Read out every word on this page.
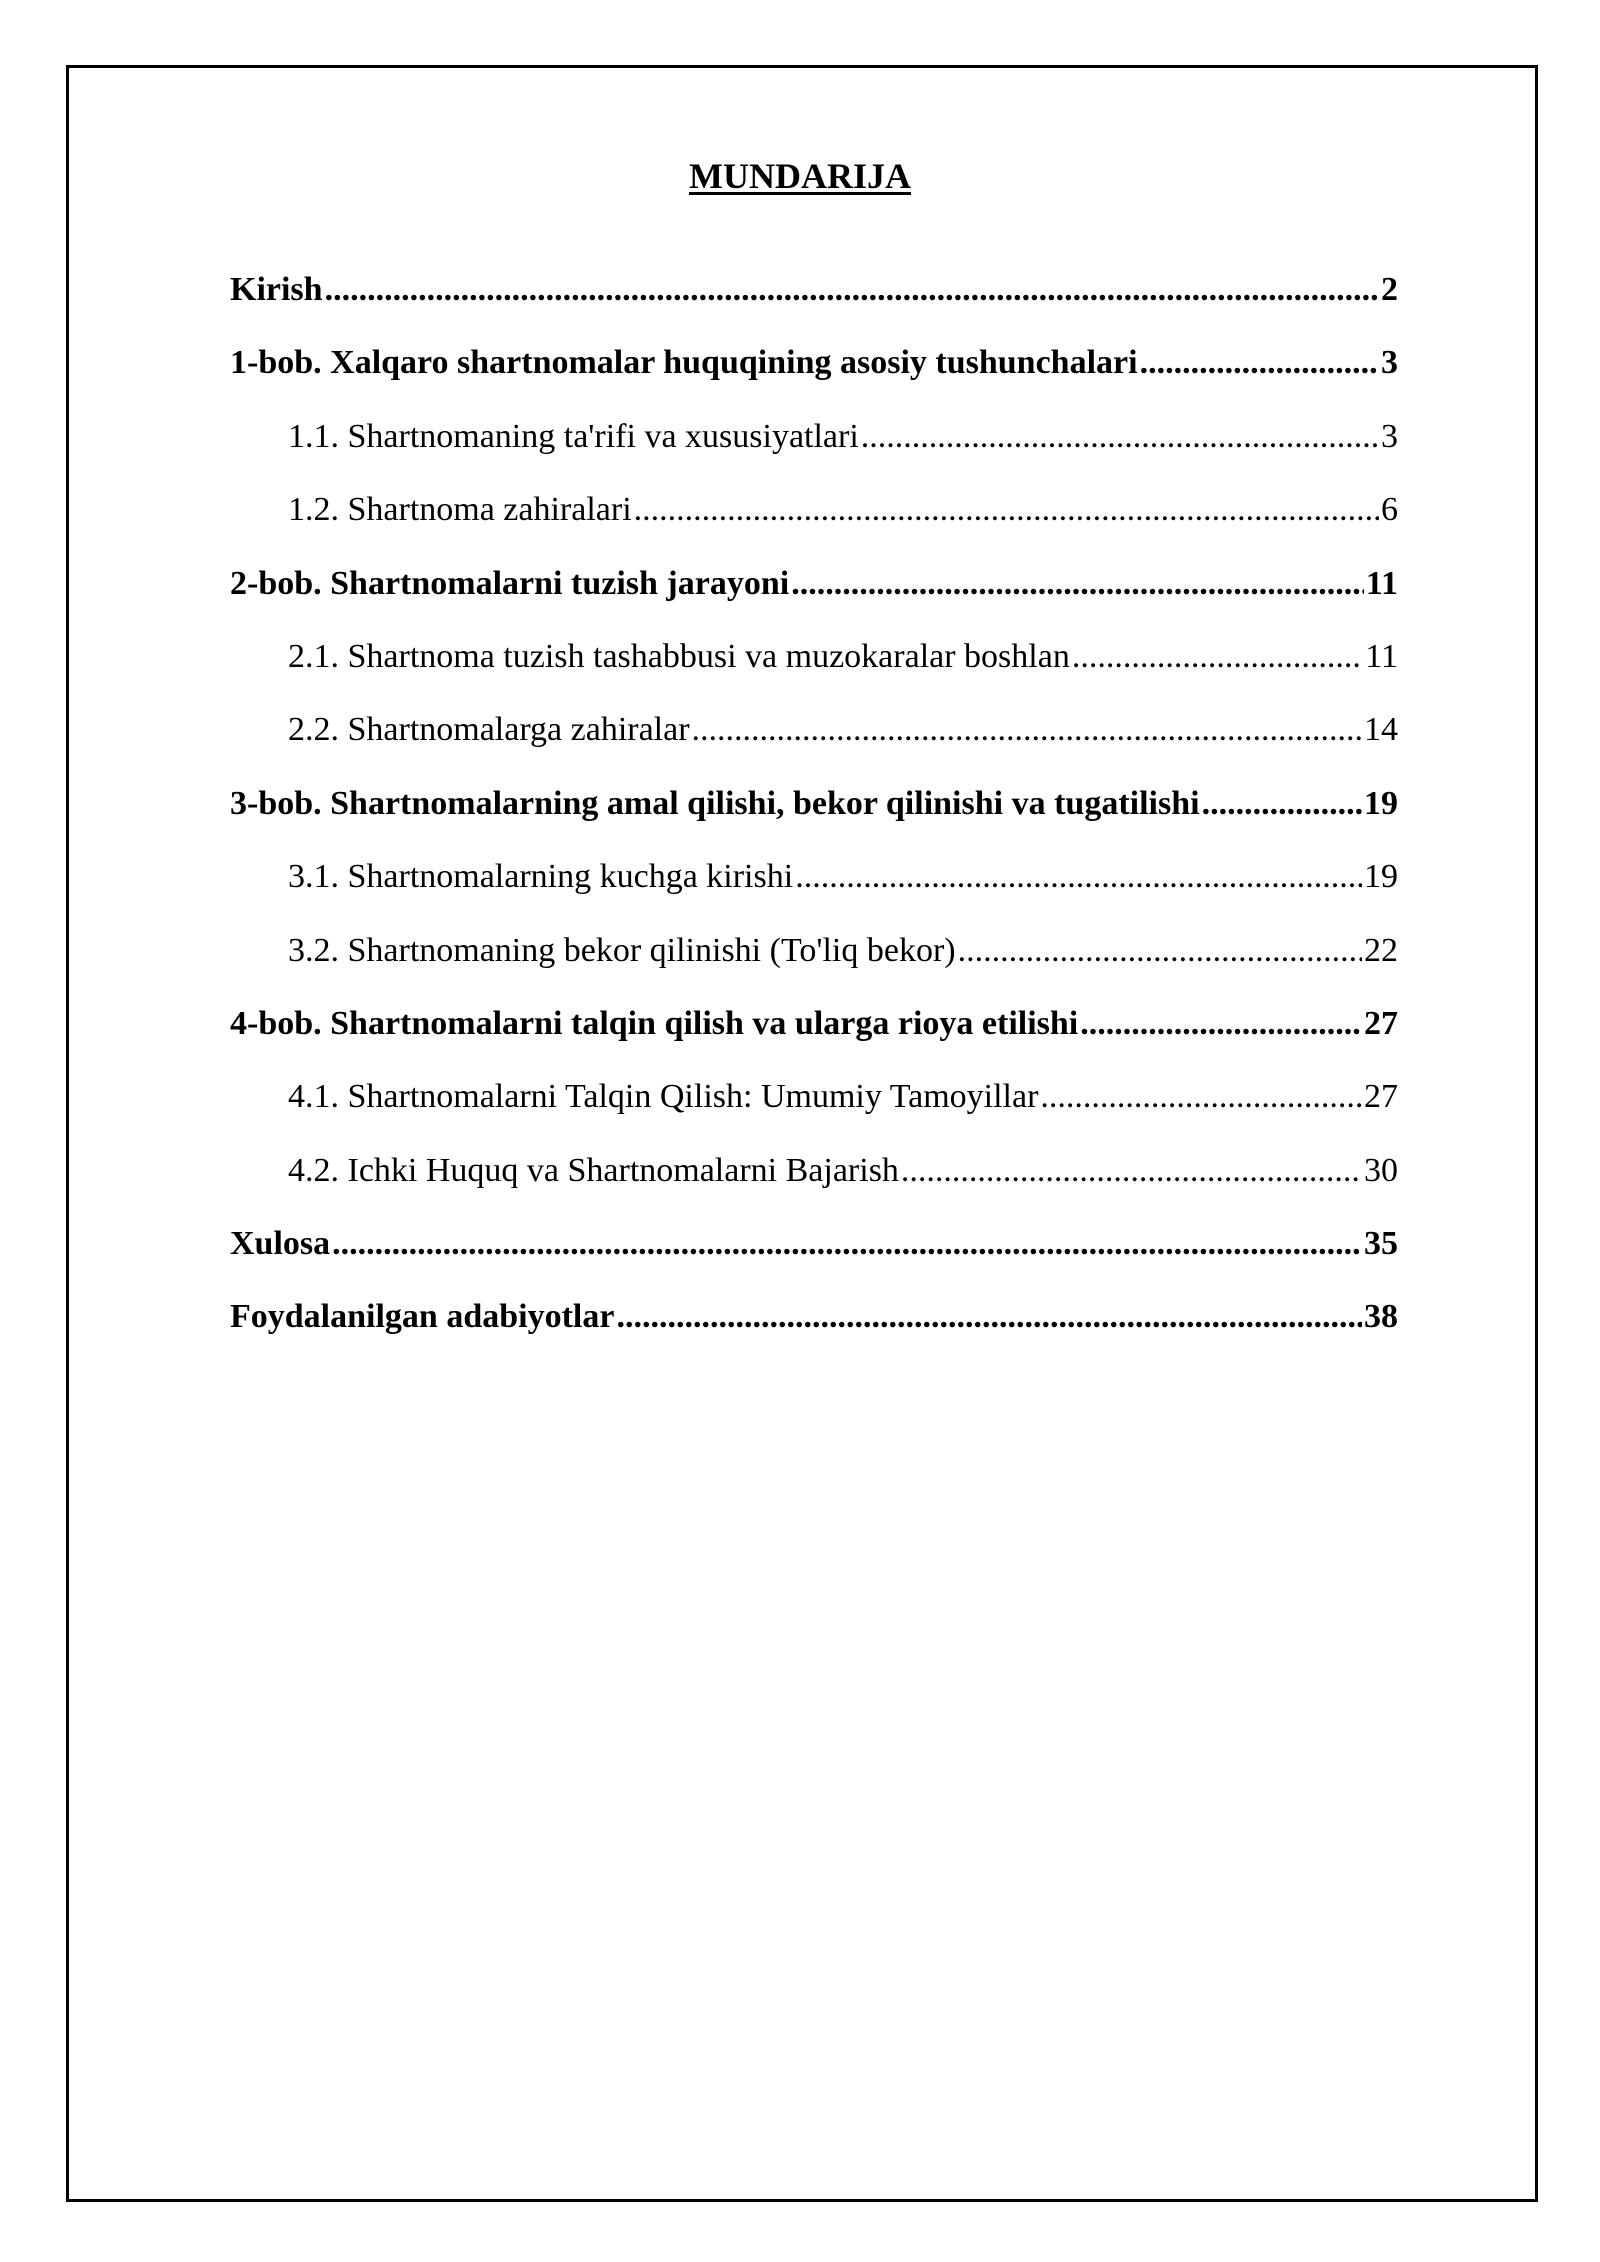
MUNDARIJA
Kirish .....	2
1-bob. Xalqaro shartnomalar huquqining asosiy tushunchalari .....	3
1.1. Shartnomaning ta'rifi va xususiyatlari .....	3
1.2. Shartnoma zahiralari .....	6
2-bob. Shartnomalarni tuzish jarayoni .....	11
2.1. Shartnoma tuzish tashabbusi va muzokaralar boshlan .....	11
2.2. Shartnomalarga zahiralar .....	14
3-bob. Shartnomalarning amal qilishi, bekor qilinishi va tugatilishi .....	19
3.1. Shartnomalarning kuchga kirishi .....	19
3.2. Shartnomaning bekor qilinishi (To'liq bekor) .....	22
4-bob. Shartnomalarni talqin qilish va ularga rioya etilishi .....	27
4.1. Shartnomalarni Talqin Qilish: Umumiy Tamoyillar .....	27
4.2. Ichki Huquq va Shartnomalarni Bajarish .....	30
Xulosa .....	35
Foydalanilgan adabiyotlar .....	38
